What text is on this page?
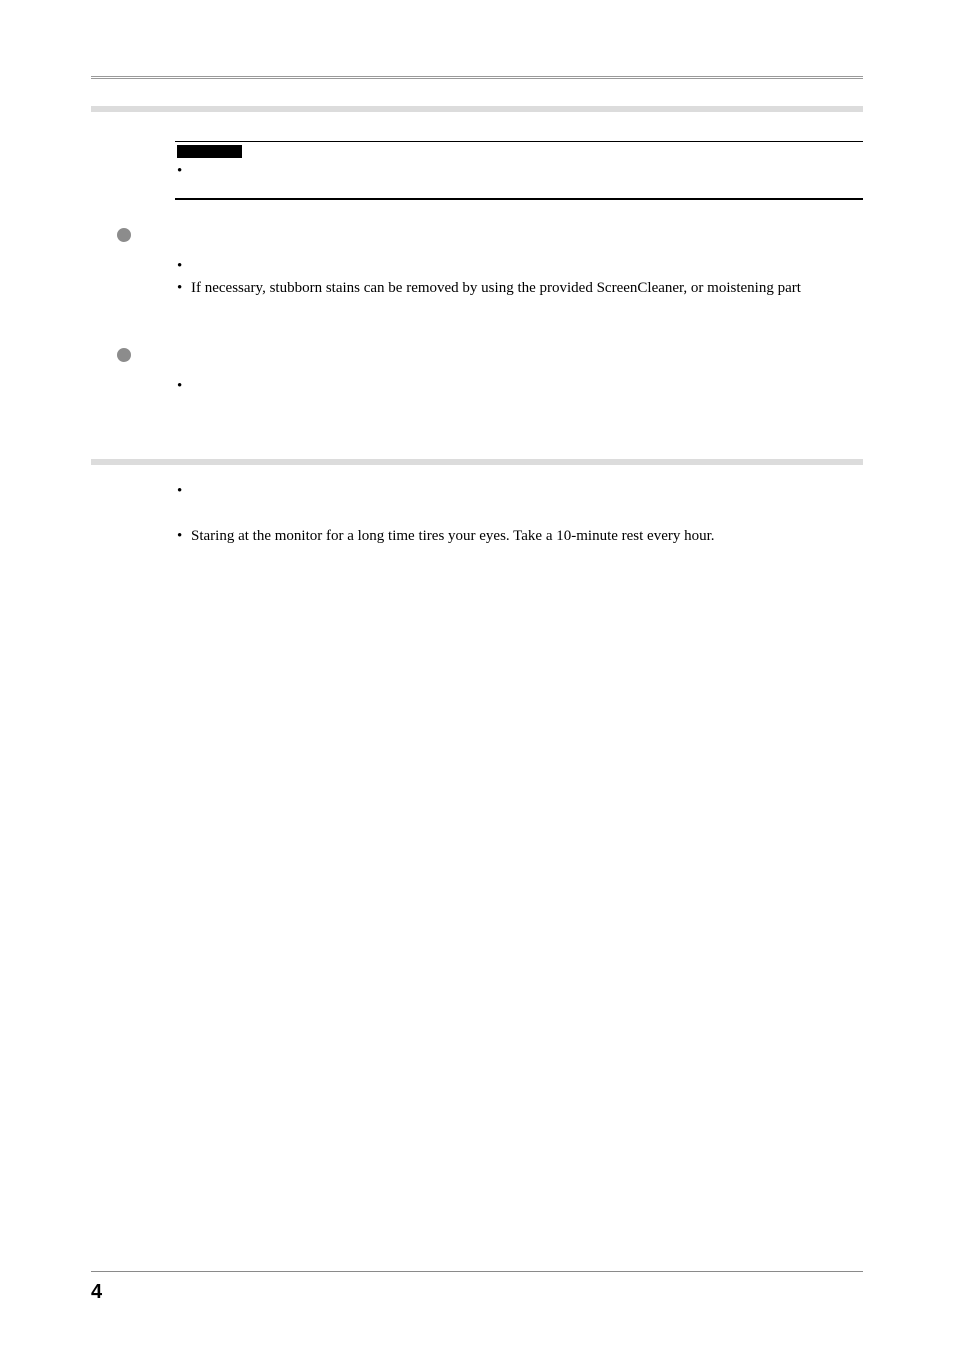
•
•
• If necessary, stubborn stains can be removed by using the provided ScreenCleaner, or moistening part
•
•
• Staring at the monitor for a long time tires your eyes. Take a 10-minute rest every hour.
4
